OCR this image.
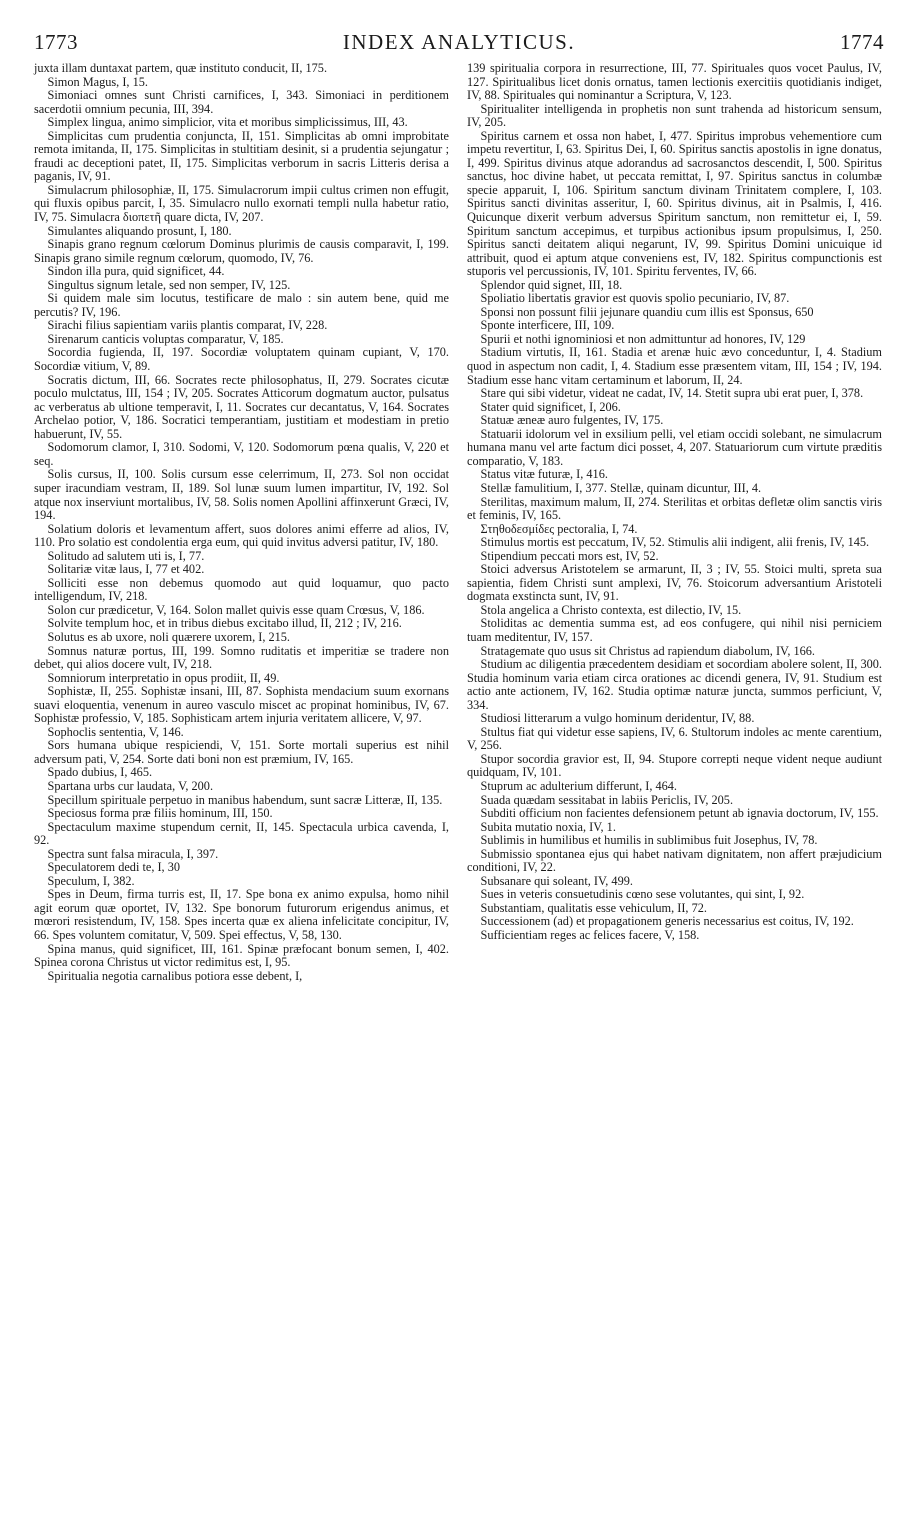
1773	INDEX ANALYTICUS.	1774

juxta illam duntaxat partem, quæ instituto conducit, II, 175.

Simon Magus, I, 15.

Simoniaci omnes sunt Christi carnifices, I, 343. Simoniaci in perditionem sacerdotii omnium pecunia, III, 394.

Simplex lingua, animo simplicior, vita et moribus simplicissimus, III, 43.

Simplicitas cum prudentia conjuncta, II, 151. Simplicitas ab omni improbitate remota imitanda, II, 175. Simplicitas in stultitiam desinit, si a prudentia sejungatur ; fraudi ac deceptioni patet, II, 175. Simplicitas verborum in sacris Litteris derisa a paganis, IV, 91.

Simulacrum philosophiæ, II, 175. Simulacrorum impii cultus crimen non effugit, qui fluxis opibus parcit, I, 35. Simulacro nullo exornati templi nulla habetur ratio, IV, 75. Simulacra διοπετῆ quare dicta, IV, 207.

Simulantes aliquando prosunt, I, 180.

Sinapis grano regnum cœlorum Dominus plurimis de causis comparavit, I, 199. Sinapis grano simile regnum cœlorum, quomodo, IV, 76.

Sindon illa pura, quid significet, 44.

Singultus signum letale, sed non semper, IV, 125.

Si quidem male sim locutus, testificare de malo : sin autem bene, quid me percutis? IV, 196.

Sirachi filius sapientiam variis plantis comparat, IV, 228.

Sirenarum canticis voluptas comparatur, V, 185.

Socordia fugienda, II, 197. Socordiæ voluptatem quinam cupiant, V, 170. Socordiæ vitium, V, 89.

Socratis dictum, III, 66. Socrates recte philosophatus, II, 279. Socrates cicutæ poculo mulctatus, III, 154 ; IV, 205. Socrates Atticorum dogmatum auctor, pulsatus ac verberatus ab ultione temperavit, I, 11. Socrates cur decantatus, V, 164. Socrates Archelao potior, V, 186. Socratici temperantiam, justitiam et modestiam in pretio habuerunt, IV, 55.

Sodomorum clamor, I, 310. Sodomi, V, 120. Sodomorum pœna qualis, V, 220 et seq.

Solis cursus, II, 100. Solis cursum esse celerrimum, II, 273. Sol non occidat super iracundiam vestram, II, 189. Sol lunæ suum lumen impartitur, IV, 192. Sol atque nox inserviunt mortalibus, IV, 58. Solis nomen Apollini affinxerunt Græci, IV, 194.

Solatium doloris et levamentum affert, suos dolores animi efferre ad alios, IV, 110. Pro solatio est condolentia erga eum, qui quid invitus adversi patitur, IV, 180.

Solitudo ad salutem uti is, I, 77.

Solitariæ vitæ laus, I, 77 et 402.

Solliciti esse non debemus quomodo aut quid loquamur, quo pacto intelligendum, IV, 218.

Solon cur prædicetur, V, 164. Solon mallet quivis esse quam Crœsus, V, 186.

Solvite templum hoc, et in tribus diebus excitabo illud, II, 212 ; IV, 216.

Solutus es ab uxore, noli quærere uxorem, I, 215.

Somnus naturæ portus, III, 199. Somno ruditatis et imperitiæ se tradere non debet, qui alios docere vult, IV, 218.

Somniorum interpretatio in opus prodiit, II, 49.

Sophistæ, II, 255. Sophistæ insani, III, 87. Sophista mendacium suum exornans suavi eloquentia, venenum in aureo vasculo miscet ac propinat hominibus, IV, 67. Sophistæ professio, V, 185. Sophisticam artem injuria veritatem allicere, V, 97.

Sophoclis sententia, V, 146.

Sors humana ubique respiciendi, V, 151. Sorte mortali superius est nihil adversum pati, V, 254. Sorte dati boni non est præmium, IV, 165.

Spado dubius, I, 465.

Spartana urbs cur laudata, V, 200.

Specillum spirituale perpetuo in manibus habendum, sunt sacræ Litteræ, II, 135.

Speciosus forma præ filiis hominum, III, 150.

Spectaculum maxime stupendum cernit, II, 145. Spectacula urbica cavenda, I, 92.

Spectra sunt falsa miracula, I, 397.

Speculatorem dedi te, I, 30

Speculum, I, 382.

Spes in Deum, firma turris est, II, 17. Spe bona ex animo expulsa, homo nihil agit eorum quæ oportet, IV, 132. Spe bonorum futurorum erigendus animus, et mœrori resistendum, IV, 158. Spes incerta quæ ex aliena infelicitate concipitur, IV, 66. Spes voluntem comitatur, V, 509. Spei effectus, V, 58, 130.

Spina manus, quid significet, III, 161. Spinæ præfocant bonum semen, I, 402. Spinea corona Christus ut victor redimitus est, I, 95.

Spiritualia negotia carnalibus potiora esse debent, I,

139 spiritualia corpora in resurrectione, III, 77. Spirituales quos vocet Paulus, IV, 127. Spiritualibus licet donis ornatus, tamen lectionis exercitiis quotidianis indiget, IV, 88. Spirituales qui nominantur a Scriptura, V, 123.

Spiritualiter intelligenda in prophetis non sunt trahenda ad historicum sensum, IV, 205.

Spiritus carnem et ossa non habet, I, 477. Spiritus improbus vehementiore cum impetu revertitur, I, 63. Spiritus Dei, I, 60. Spiritus sanctis apostolis in igne donatus, I, 499. Spiritus divinus atque adorandus ad sacrosanctos descendit, I, 500. Spiritus sanctus, hoc divine habet, ut peccata remittat, I, 97. Spiritus sanctus in columbæ specie apparuit, I, 106. Spiritum sanctum divinam Trinitatem complere, I, 103. Spiritus sancti divinitas asseritur, I, 60. Spiritus divinus, ait in Psalmis, I, 416. Quicunque dixerit verbum adversus Spiritum sanctum, non remittetur ei, I, 59. Spiritum sanctum accepimus, et turpibus actionibus ipsum propulsimus, I, 250. Spiritus sancti deitatem aliqui negarunt, IV, 99. Spiritus Domini unicuique id attribuit, quod ei aptum atque conveniens est, IV, 182. Spiritus compunctionis est stuporis vel percussionis, IV, 101. Spiritu ferventes, IV, 66.

Splendor quid signet, III, 18.

Spoliatio libertatis gravior est quovis spolio pecuniario, IV, 87.

Sponsi non possunt filii jejunare quandiu cum illis est Sponsus, 650

Sponte interficere, III, 109.

Spurii et nothi ignominiosi et non admittuntur ad honores, IV, 129

Stadium virtutis, II, 161. Stadia et arenæ huic ævo conceduntur, I, 4. Stadium quod in aspectum non cadit, I, 4. Stadium esse præsentem vitam, III, 154 ; IV, 194. Stadium esse hanc vitam certaminum et laborum, II, 24.

Stare qui sibi videtur, videat ne cadat, IV, 14. Stetit supra ubi erat puer, I, 378.

Stater quid significet, I, 206.

Statuæ æneæ auro fulgentes, IV, 175.

Statuarii idolorum vel in exsilium pelli, vel etiam occidi solebant, ne simulacrum humana manu vel arte factum dici posset, 4, 207. Statuariorum cum virtute præditis comparatio, V, 183.

Status vitæ futuræ, I, 416.

Stellæ famulitium, I, 377. Stellæ, quinam dicuntur, III, 4.

Sterilitas, maximum malum, II, 274. Sterilitas et orbitas defletæ olim sanctis viris et feminis, IV, 165.

Στηθοδεσμίδες pectoralia, I, 74.

Stimulus mortis est peccatum, IV, 52. Stimulis alii indigent, alii frenis, IV, 145.

Stipendium peccati mors est, IV, 52.

Stoici adversus Aristotelem se armarunt, II, 3 ; IV, 55. Stoici multi, spreta sua sapientia, fidem Christi sunt amplexi, IV, 76. Stoicorum adversantium Aristoteli dogmata exstincta sunt, IV, 91.

Stola angelica a Christo contexta, est dilectio, IV, 15.

Stoliditas ac dementia summa est, ad eos confugere, qui nihil nisi perniciem tuam meditentur, IV, 157.

Stratagemate quo usus sit Christus ad rapiendum diabolum, IV, 166.

Studium ac diligentia præcedentem desidiam et socordiam abolere solent, II, 300. Studia hominum varia etiam circa orationes ac dicendi genera, IV, 91. Studium est actio ante actionem, IV, 162. Studia optimæ naturæ juncta, summos perficiunt, V, 334.

Studiosi litterarum a vulgo hominum deridentur, IV, 88.

Stultus fiat qui videtur esse sapiens, IV, 6. Stultorum indoles ac mente carentium, V, 256.

Stupor socordia gravior est, II, 94. Stupore correpti neque vident neque audiunt quidquam, IV, 101.

Stuprum ac adulterium differunt, I, 464.

Suada quædam sessitabat in labiis Periclis, IV, 205.

Subditi officium non facientes defensionem petunt ab ignavia doctorum, IV, 155.

Subita mutatio noxia, IV, 1.

Sublimis in humilibus et humilis in sublimibus fuit Josephus, IV, 78.

Submissio spontanea ejus qui habet nativam dignitatem, non affert præjudicium conditioni, IV, 22.

Subsanare qui soleant, IV, 499.

Sues in veteris consuetudinis cœno sese volutantes, qui sint, I, 92.

Substantiam, qualitatis esse vehiculum, II, 72.

Successionem (ad) et propagationem generis necessarius est coitus, IV, 192.

Sufficientiam reges ac felices facere, V, 158.
